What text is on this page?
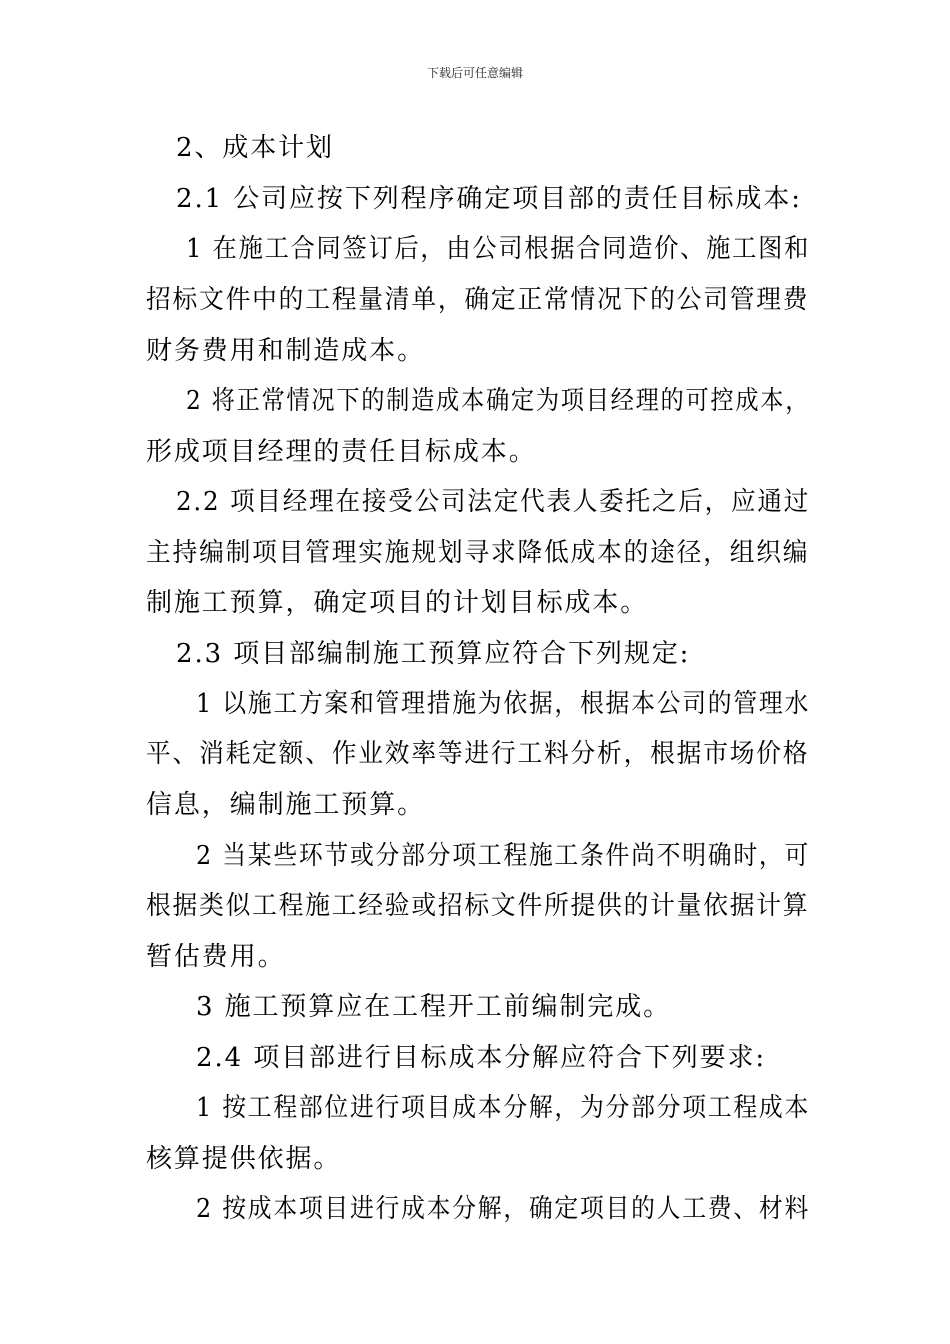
下载后可任意编辑
2、成本计划
2.1 公司应按下列程序确定项目部的责任目标成本:
1 在施工合同签订后，由公司根据合同造价、施工图和
招标文件中的工程量清单，确定正常情况下的公司管理费
财务费用和制造成本。
2 将正常情况下的制造成本确定为项目经理的可控成本，
形成项目经理的责任目标成本。
2.2 项目经理在接受公司法定代表人委托之后，应通过
主持编制项目管理实施规划寻求降低成本的途径，组织编
制施工预算，确定项目的计划目标成本。
2.3 项目部编制施工预算应符合下列规定:
1 以施工方案和管理措施为依据，根据本公司的管理水
平、消耗定额、作业效率等进行工料分析，根据市场价格
信息，编制施工预算。
2 当某些环节或分部分项工程施工条件尚不明确时，可
根据类似工程施工经验或招标文件所提供的计量依据计算
暂估费用。
3 施工预算应在工程开工前编制完成。
2.4 项目部进行目标成本分解应符合下列要求:
1 按工程部位进行项目成本分解，为分部分项工程成本
核算提供依据。
2 按成本项目进行成本分解，确定项目的人工费、材料
